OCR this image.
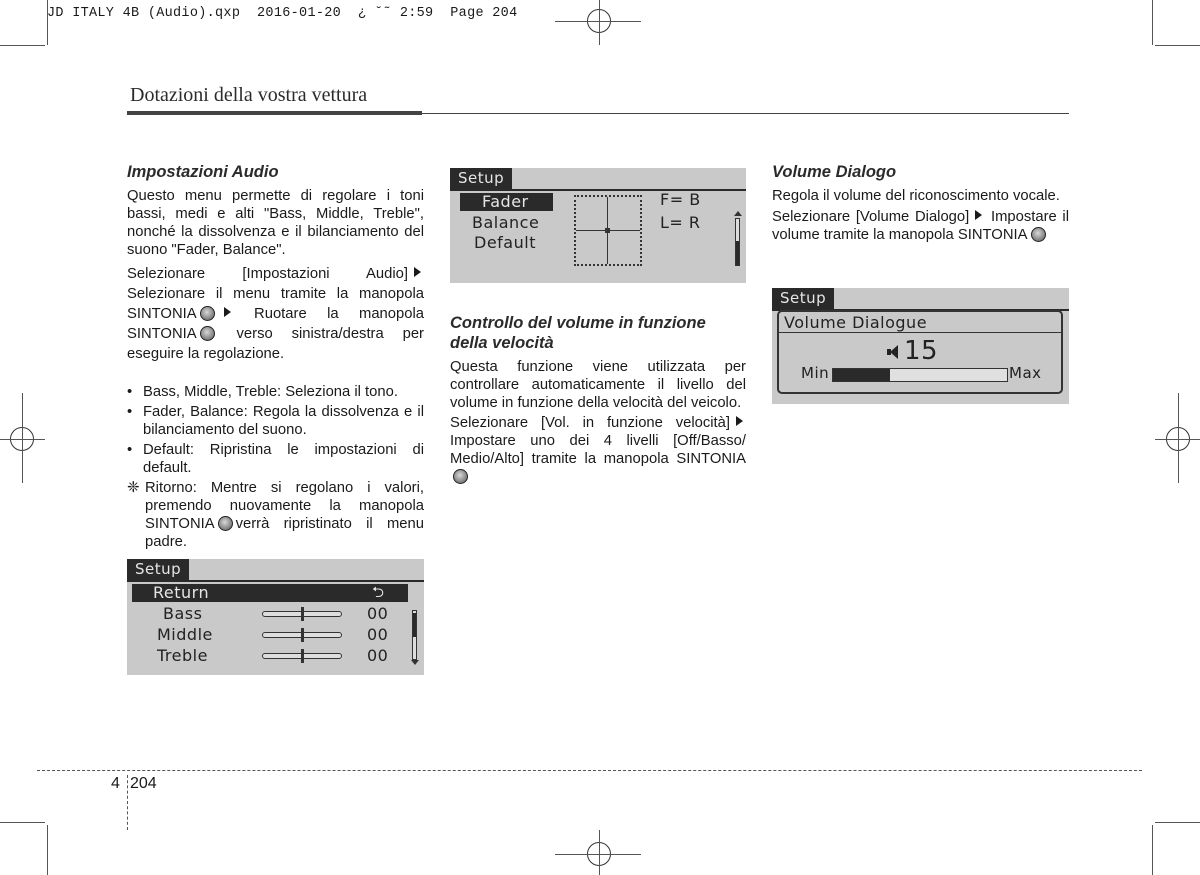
JD ITALY 4B (Audio).qxp  2016-01-20  ¿ ˘˜ 2:59  Page 204
Dotazioni della vostra vettura
Impostazioni Audio
Questo menu permette di regolare i toni bassi, medi e alti "Bass, Middle, Treble", nonché la dissolvenza e il bilanciamento del suono "Fader, Balance".
Selezionare [Impostazioni Audio] Selezionare il menu tramite la manopola SINTONIA	Ruotare la manopola SINTONIA	verso sinistra/destra per eseguire la regolazione.
• Bass, Middle, Treble: Seleziona il tono.
• Fader, Balance: Regola la dissolvenza e il bilanciamento del suono.
• Default: Ripristina le impostazioni di default.
❈ Ritorno: Mentre si regolano i valori, premendo nuovamente la manopola SINTONIA verrà ripristinato il menu padre.
Setup
Return	⮌
Bass	00
Middle	00
Treble	00
Setup
Fader
Balance
Default
F= B
L= R
Controllo del volume in funzione della velocità
Questa funzione viene utilizzata per controllare automaticamente il livello del volume in funzione della velocità del veicolo.
Selezionare [Vol. in funzione velocità] Impostare uno dei 4 livelli [Off/Basso/ Medio/Alto] tramite la manopola SINTONIA
Volume Dialogo
Regola il volume del riconoscimento vocale.
Selezionare [Volume Dialogo] Impostare il volume tramite la manopola SINTONIA
Setup
Volume Dialogue
15
Min	Max
4 204
